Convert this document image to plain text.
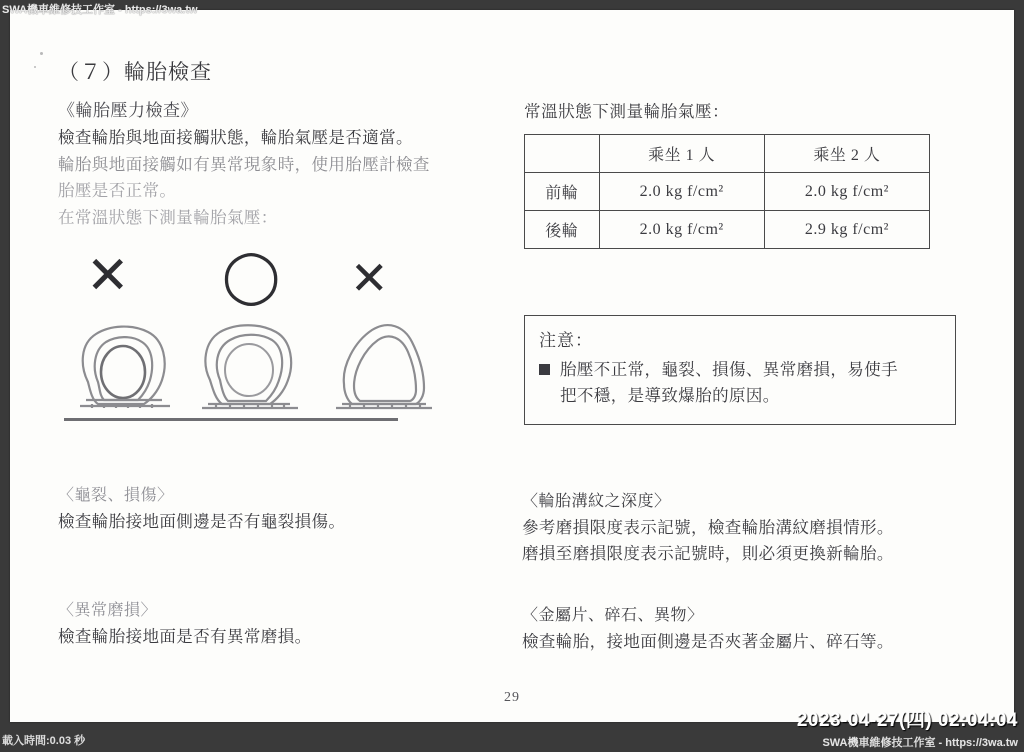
（７）輪胎檢查
《輪胎壓力檢查》

檢查輪胎與地面接觸狀態，輪胎氣壓是否適當。

輪胎與地面接觸如有異常現象時，使用胎壓計檢查

胎壓是否正常。

在常溫狀態下測量輪胎氣壓：

✕ ◯ ✕
〈龜裂、損傷〉
檢查輪胎接地面側邊是否有龜裂損傷。
〈異常磨損〉
檢查輪胎接地面是否有異常磨損。
常溫狀態下測量輪胎氣壓：
	乘坐 1 人	乘坐 2 人
前輪	2.0 kg f/cm²	2.0 kg f/cm²
後輪	2.0 kg f/cm²	2.9 kg f/cm²
注意：
胎壓不正常，龜裂、損傷、異常磨損，易使手
把不穩，是導致爆胎的原因。
〈輪胎溝紋之深度〉
參考磨損限度表示記號，檢查輪胎溝紋磨損情形。
磨損至磨損限度表示記號時，則必須更換新輪胎。
〈金屬片、碎石、異物〉
檢查輪胎，接地面側邊是否夾著金屬片、碎石等。
29
SWA機車維修技工作室 - https://3wa.tw
載入時間:0.03 秒
2023-04-27(四) 02:04:04
SWA機車維修技工作室 - https://3wa.tw
